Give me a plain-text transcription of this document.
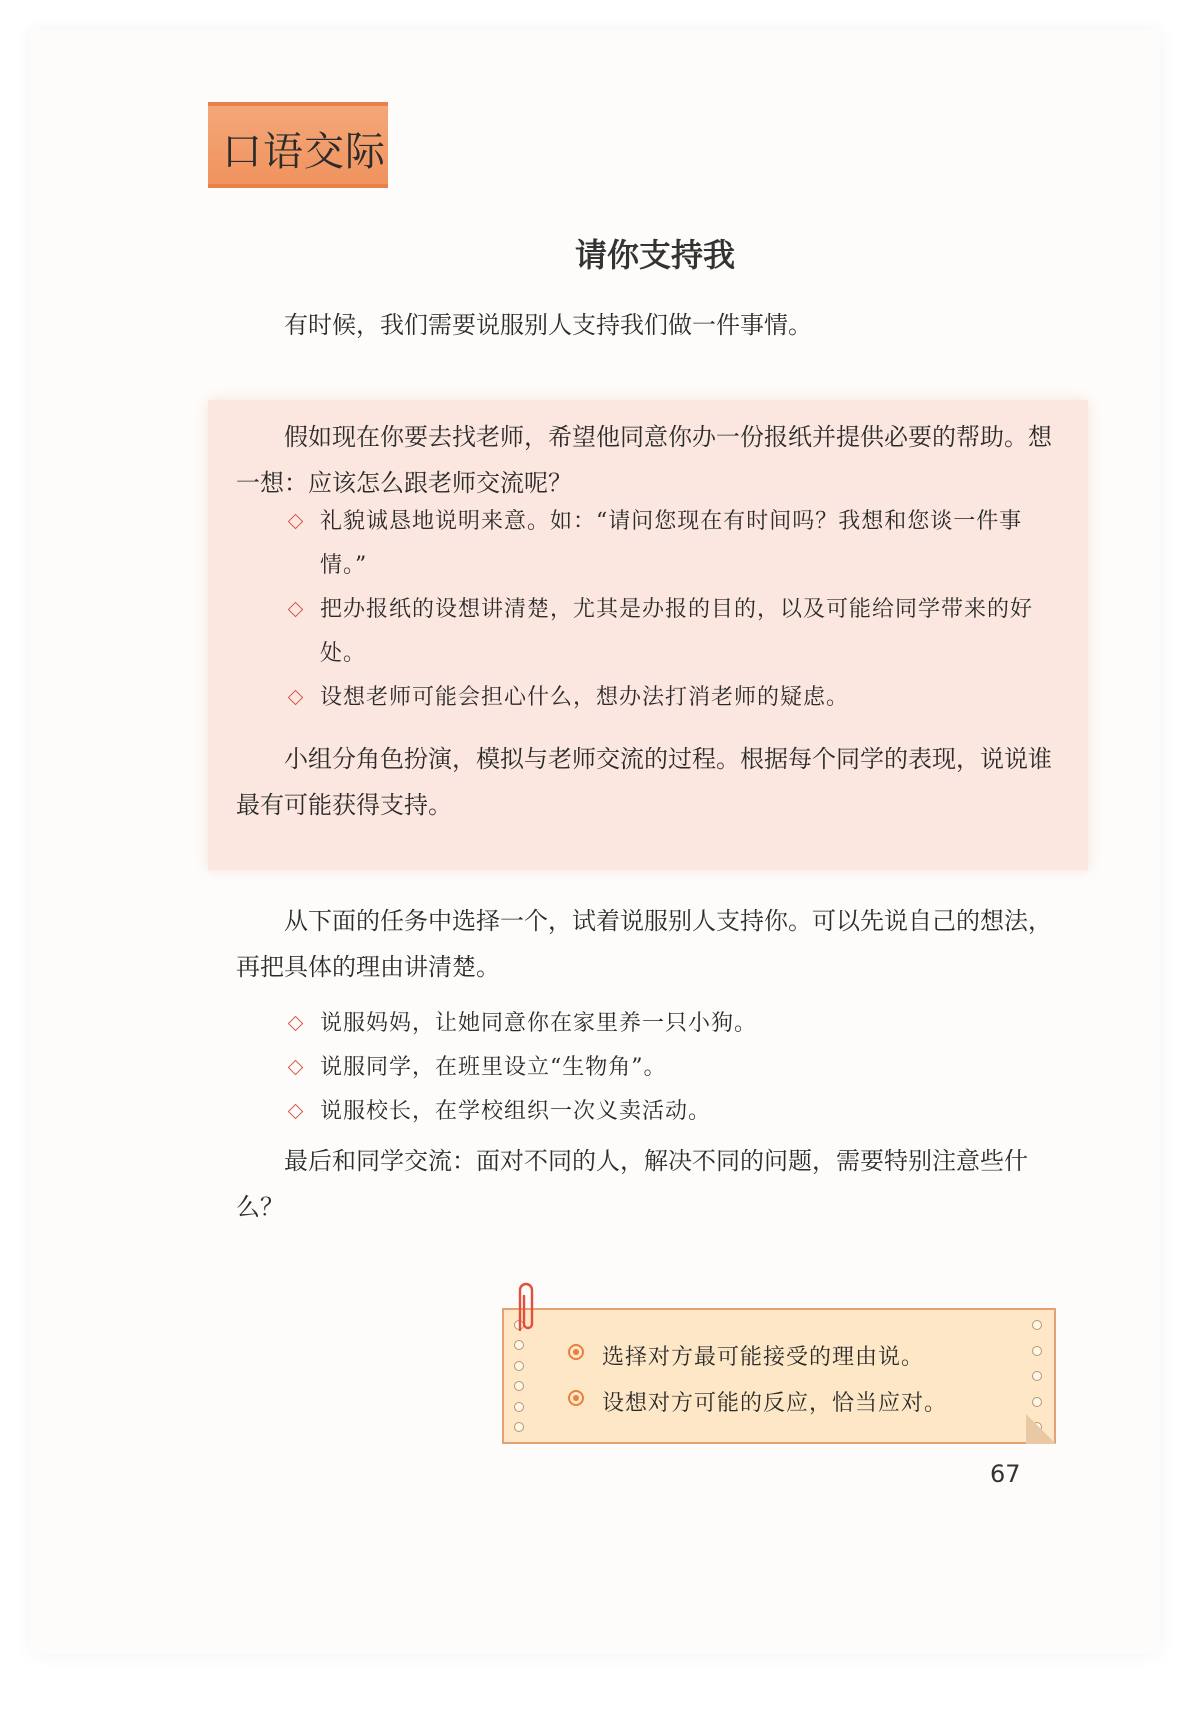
口语交际
请你支持我
有时候，我们需要说服别人支持我们做一件事情。
假如现在你要去找老师，希望他同意你办一份报纸并提供必要的帮助。想一想：应该怎么跟老师交流呢？
礼貌诚恳地说明来意。如：“请问您现在有时间吗？我想和您谈一件事情。”
把办报纸的设想讲清楚，尤其是办报的目的，以及可能给同学带来的好处。
设想老师可能会担心什么，想办法打消老师的疑虑。
小组分角色扮演，模拟与老师交流的过程。根据每个同学的表现，说说谁最有可能获得支持。
从下面的任务中选择一个，试着说服别人支持你。可以先说自己的想法，再把具体的理由讲清楚。
说服妈妈，让她同意你在家里养一只小狗。
说服同学，在班里设立“生物角”。
说服校长，在学校组织一次义卖活动。
最后和同学交流：面对不同的人，解决不同的问题，需要特别注意些什么？
选择对方最可能接受的理由说。
设想对方可能的反应，恰当应对。
67
